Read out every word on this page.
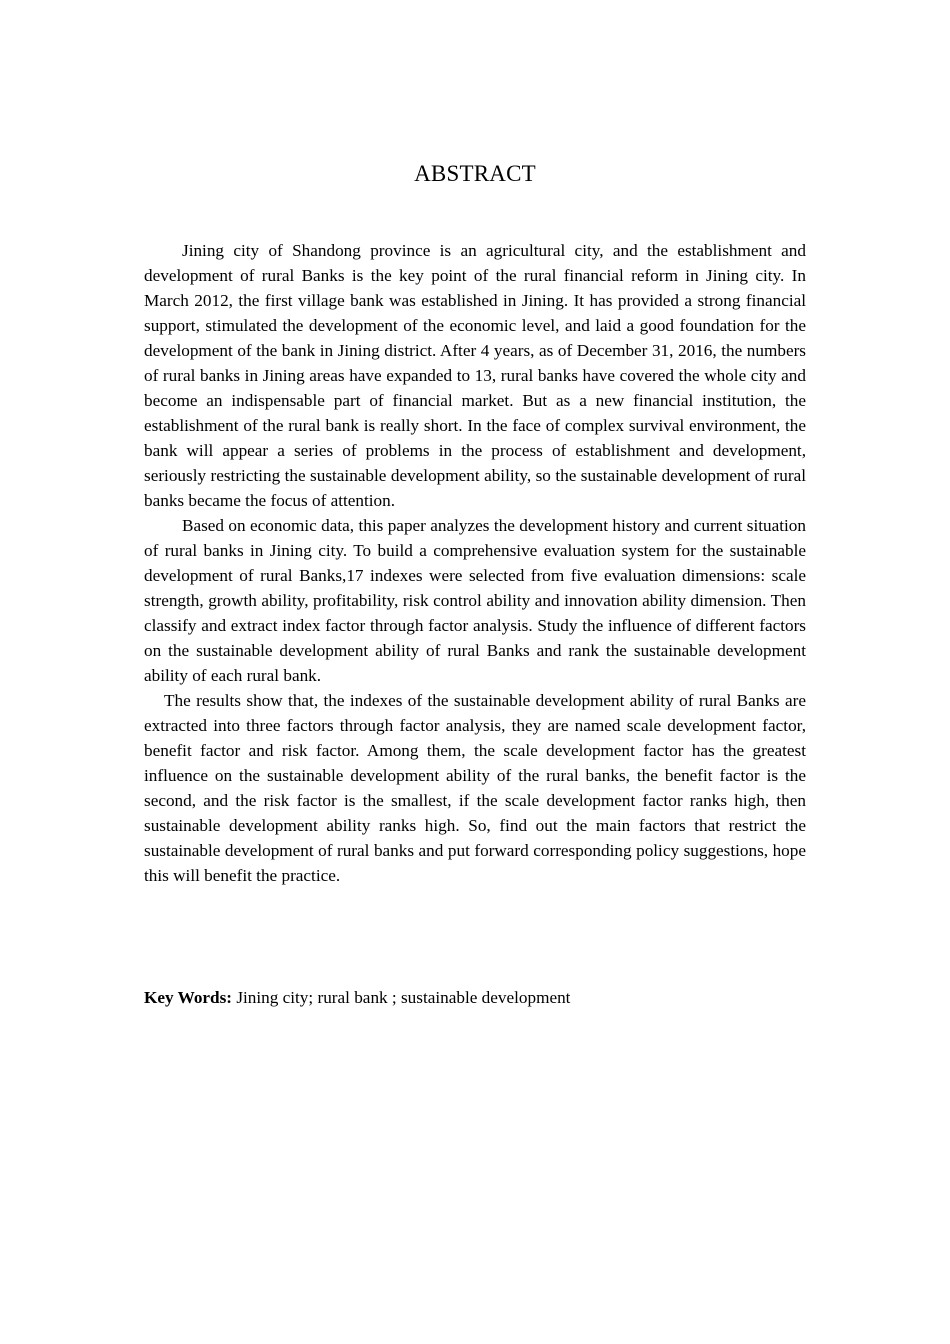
ABSTRACT

Jining city of Shandong province is an agricultural city, and the establishment and development of rural Banks is the key point of the rural financial reform in Jining city. In March 2012, the first village bank was established in Jining. It has provided a strong financial support, stimulated the development of the economic level, and laid a good foundation for the development of the bank in Jining district. After 4 years, as of December 31, 2016, the numbers of rural banks in Jining areas have expanded to 13, rural banks have covered the whole city and become an indispensable part of financial market. But as a new financial institution, the establishment of the rural bank is really short. In the face of complex survival environment, the bank will appear a series of problems in the process of establishment and development, seriously restricting the sustainable development ability, so the sustainable development of rural banks became the focus of attention.

Based on economic data, this paper analyzes the development history and current situation of rural banks in Jining city. To build a comprehensive evaluation system for the sustainable development of rural Banks,17 indexes were selected from five evaluation dimensions: scale strength, growth ability, profitability, risk control ability and innovation ability dimension. Then classify and extract index factor through factor analysis. Study the influence of different factors on the sustainable development ability of rural Banks and rank the sustainable development ability of each rural bank.

The results show that, the indexes of the sustainable development ability of rural Banks are extracted into three factors through factor analysis, they are named scale development factor, benefit factor and risk factor. Among them, the scale development factor has the greatest influence on the sustainable development ability of the rural banks, the benefit factor is the second, and the risk factor is the smallest, if the scale development factor ranks high, then sustainable development ability ranks high. So, find out the main factors that restrict the sustainable development of rural banks and put forward corresponding policy suggestions, hope this will benefit the practice.

Key Words: Jining city; rural bank ; sustainable development
